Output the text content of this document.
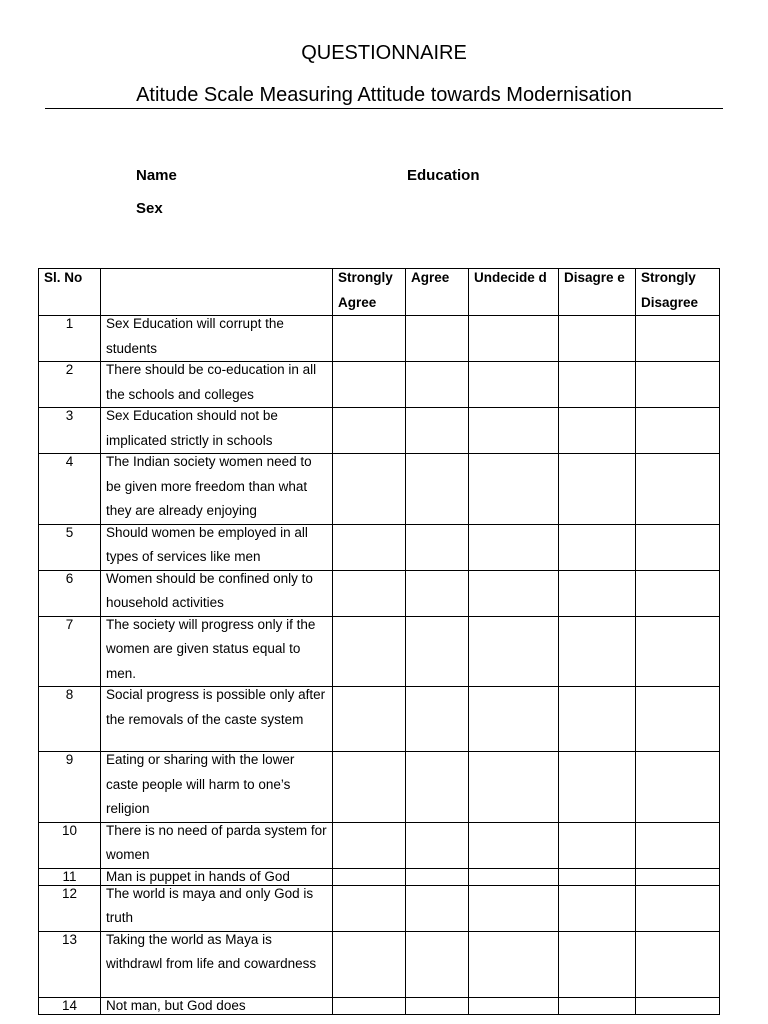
QUESTIONNAIRE
Atitude Scale Measuring Attitude towards Modernisation
Name	Education
Sex
Sl. No		Strongly Agree	Agree	Undecide d	Disagre e	Strongly Disagree

1	Sex Education will corrupt the students					

2	There should be co-education in all the schools and colleges					

3	Sex Education should not be implicated strictly in schools					

4	The Indian society women need to be given more freedom than what they are already enjoying					

5	Should women be employed in all types of services like men					

6	Women should be confined only to household activities					

7	The society will progress only if the women are given status equal to men.					

8	Social progress is possible only after the removals of the caste system					

9	Eating or sharing with the lower caste people will harm to one’s religion					

10	There is no need of parda system for women					

11	Man is puppet in hands of God					

12	The world is maya and only God is truth					

13	Taking the world as Maya is withdrawl from life and cowardness					

14	Not man, but God does					
